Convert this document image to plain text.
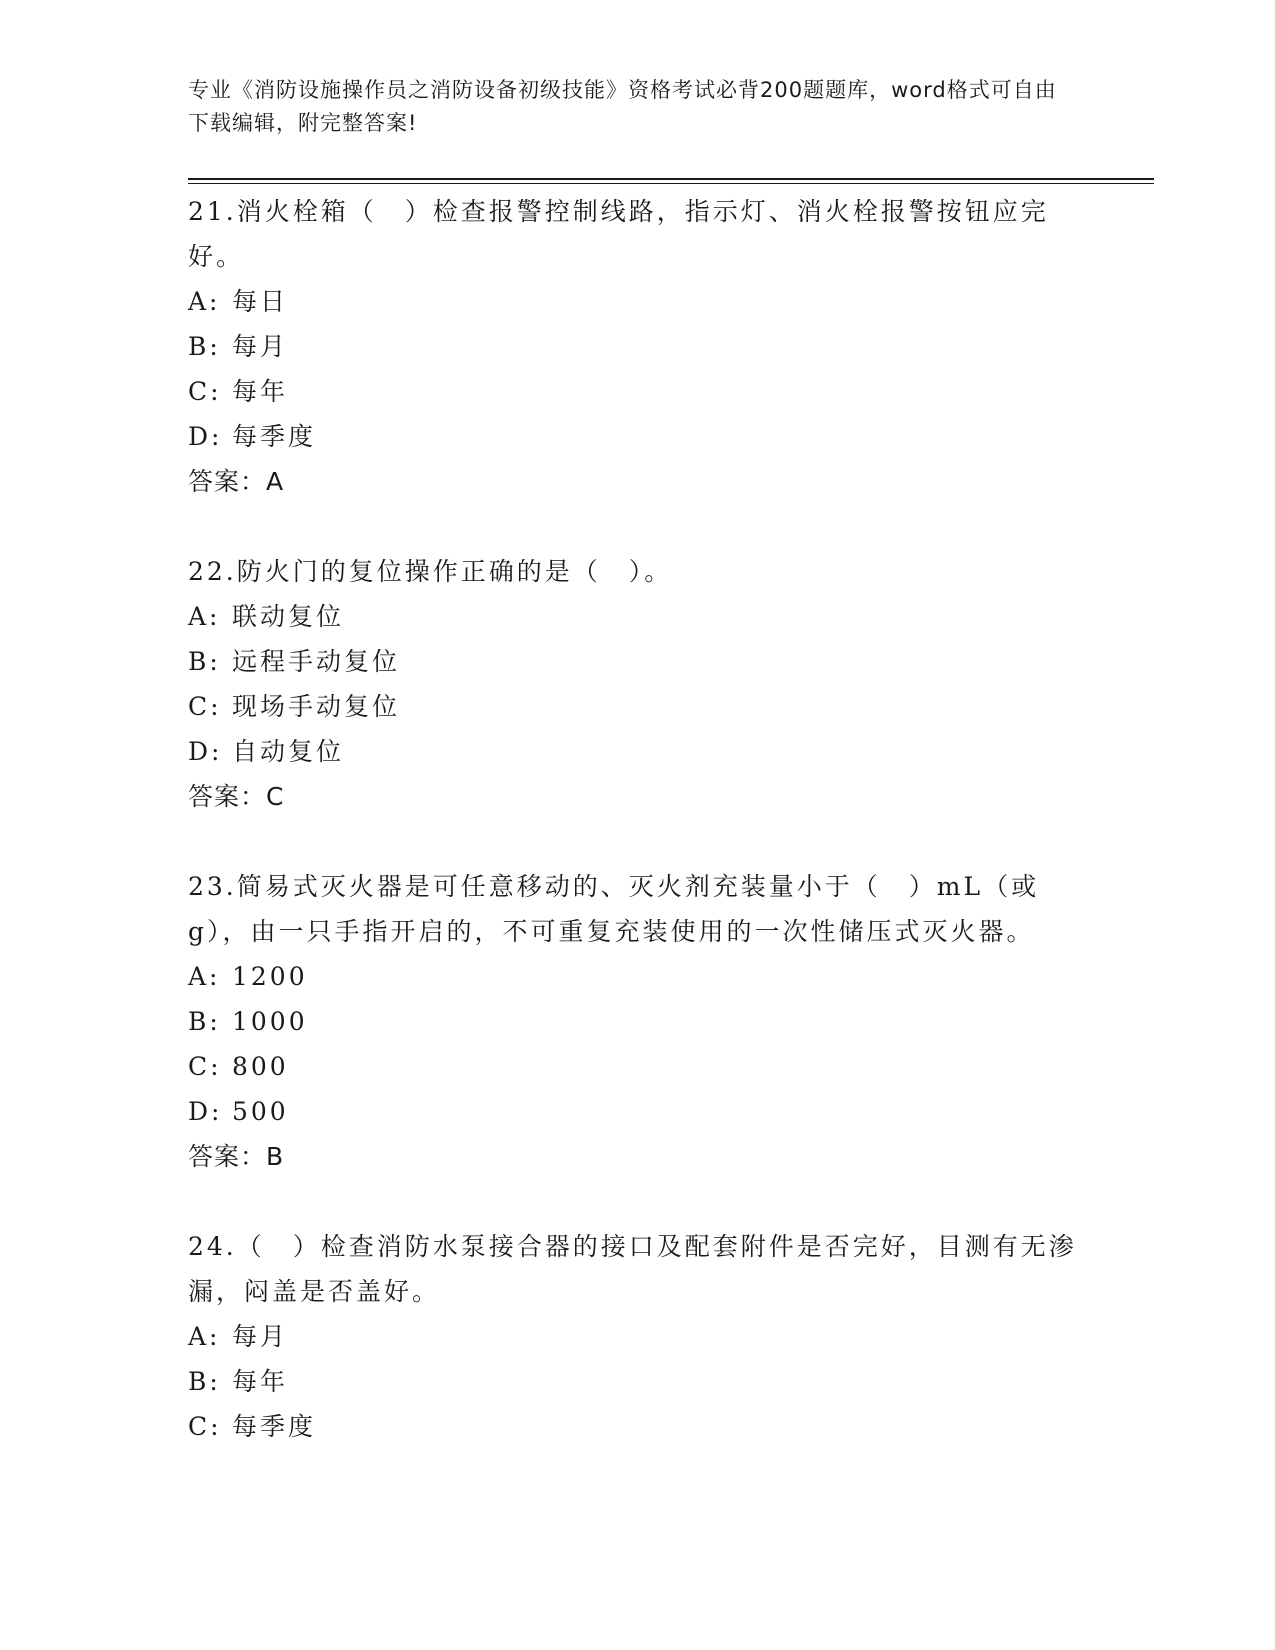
专业《消防设施操作员之消防设备初级技能》资格考试必背200题题库，word格式可自由下载编辑，附完整答案!

21.消火栓箱（　）检查报警控制线路，指示灯、消火栓报警按钮应完好。

A: 每日

B: 每月

C: 每年

D: 每季度

答案：A

22.防火门的复位操作正确的是（　）。

A: 联动复位

B: 远程手动复位

C: 现场手动复位

D: 自动复位

答案：C

23.简易式灭火器是可任意移动的、灭火剂充装量小于（　）mL（或g），由一只手指开启的，不可重复充装使用的一次性储压式灭火器。

A: 1200

B: 1000

C: 800

D: 500

答案：B

24.（　）检查消防水泵接合器的接口及配套附件是否完好，目测有无渗漏，闷盖是否盖好。

A: 每月

B: 每年

C: 每季度
